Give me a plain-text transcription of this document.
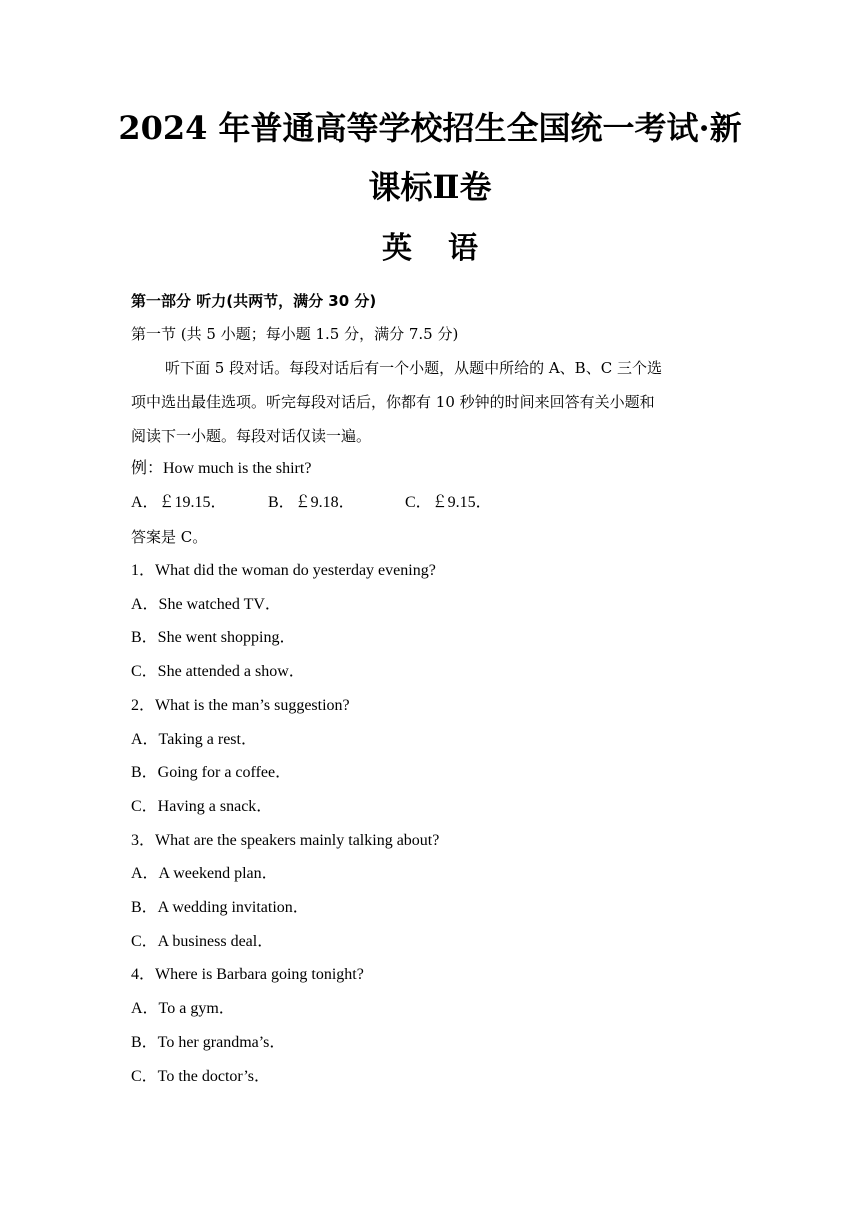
2024 年普通高等学校招生全国统一考试·新
课标Ⅱ卷
英语
第一部分 听力(共两节，满分 30 分)
第一节 (共 5 小题；每小题 1.5 分，满分 7.5 分)
听下面 5 段对话。每段对话后有一个小题，从题中所给的 A、B、C 三个选
项中选出最佳选项。听完每段对话后，你都有 10 秒钟的时间来回答有关小题和
阅读下一小题。每段对话仅读一遍。
例：How much is the shirt?
A．￡19.15．	B．￡9.18．	C．￡9.15．
答案是 C。
1．What did the woman do yesterday evening?
A．She watched TV．
B．She went shopping．
C．She attended a show．
2．What is the man’s suggestion?
A．Taking a rest．
B．Going for a coffee．
C．Having a snack．
3．What are the speakers mainly talking about?
A．A weekend plan．
B．A wedding invitation．
C．A business deal．
4．Where is Barbara going tonight?
A．To a gym．
B．To her grandma’s．
C．To the doctor’s．
